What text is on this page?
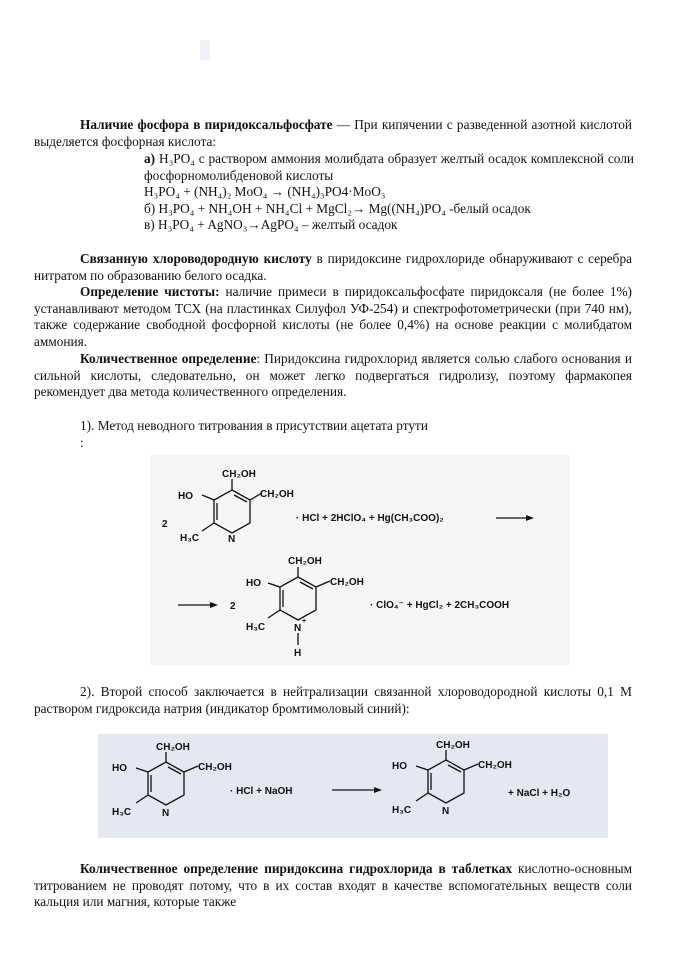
Наличие фосфора в пиридоксальфосфате — При кипячении с разведенной азотной кислотой выделяется фосфорная кислота:
а) H₃PO₄ с раствором аммония молибдата образует желтый осадок комплексной соли фосфорномолибденовой кислоты
H₃PO₄ + (NH₄)₂ MoO₄ → (NH₄)₃PO4·MoO₃
б) H₃PO₄ + NH₄OH + NH₄Cl + MgCl₂→ Mg((NH₄)PO₄ -белый осадок
в) H₃PO₄ + AgNO₃→AgPO₄ – желтый осадок
Связанную хлороводородную кислоту в пиридоксине гидрохлориде обнаруживают с серебра нитратом по образованию белого осадка.
Определение чистоты: наличие примеси в пиридоксальфосфате пиридоксаля (не более 1%) устанавливают методом ТСХ (на пластинках Силуфол УФ-254) и спектрофотометрически (при 740 нм), также содержание свободной фосфорной кислоты (не более 0,4%) на основе реакции с молибдатом аммония.
Количественное определение: Пиридоксина гидрохлорид является солью слабого основания и сильной кислоты, следовательно, он может легко подвергаться гидролизу, поэтому фармакопея рекомендует два метода количественного определения.
1). Метод неводного титрования в присутствии ацетата ртути
:
2
CH₂OH
CH₂OH
HO
H₃C	N
· HCl + 2HClO₄ + Hg(CH₃COO)₂
2
CH₂OH
CH₂OH
HO
H₃C	N
+
H
· ClO₄⁻ + HgCl₂ + 2CH₃COOH
2). Второй способ заключается в нейтрализации связанной хлороводородной кислоты 0,1 М раствором гидроксида натрия (индикатор бромтимоловый синий):
CH₂OH
CH₂OH
HO
H₃C	N
· HCl + NaOH
CH₂OH
CH₂OH
HO
H₃C	N
+ NaCl + H₂O
Количественное определение пиридоксина гидрохлорида в таблетках кислотно-основным титрованием не проводят потому, что в их состав входят в качестве вспомогательных веществ соли кальция или магния, которые также
